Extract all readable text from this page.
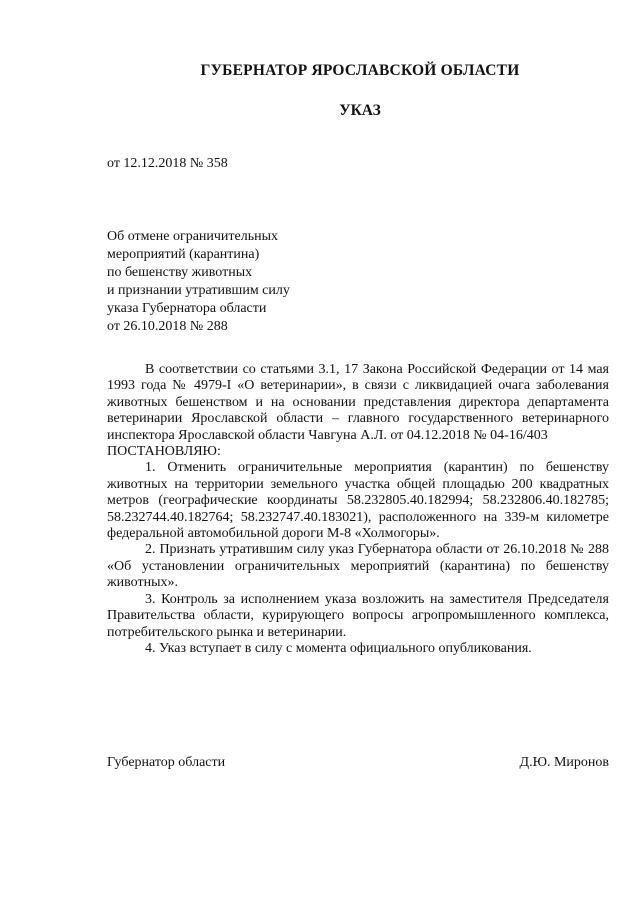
ГУБЕРНАТОР ЯРОСЛАВСКОЙ ОБЛАСТИ
УКАЗ
от 12.12.2018 № 358
Об отмене ограничительных
мероприятий (карантина)
по бешенству животных
и признании утратившим силу
указа Губернатора области
от 26.10.2018 № 288

В соответствии со статьями 3.1, 17 Закона Российской Федерации от 14 мая 1993 года № 4979-I «О ветеринарии», в связи с ликвидацией очага заболевания животных бешенством и на основании представления директора департамента ветеринарии Ярославской области – главного государственного ветеринарного инспектора Ярославской области Чавгуна А.Л. от 04.12.2018 № 04-16/403

ПОСТАНОВЛЯЮ:

1. Отменить ограничительные мероприятия (карантин) по бешенству животных на территории земельного участка общей площадью 200 квадратных метров (географические координаты 58.232805.40.182994; 58.232806.40.182785; 58.232744.40.182764; 58.232747.40.183021), расположенного на 339-м километре федеральной автомобильной дороги М-8 «Холмогоры».

2. Признать утратившим силу указ Губернатора области от 26.10.2018 № 288 «Об установлении ограничительных мероприятий (карантина) по бешенству животных».

3. Контроль за исполнением указа возложить на заместителя Председателя Правительства области, курирующего вопросы агропромышленного комплекса, потребительского рынка и ветеринарии.

4. Указ вступает в силу с момента официального опубликования.

Губернатор области	Д.Ю. Миронов
